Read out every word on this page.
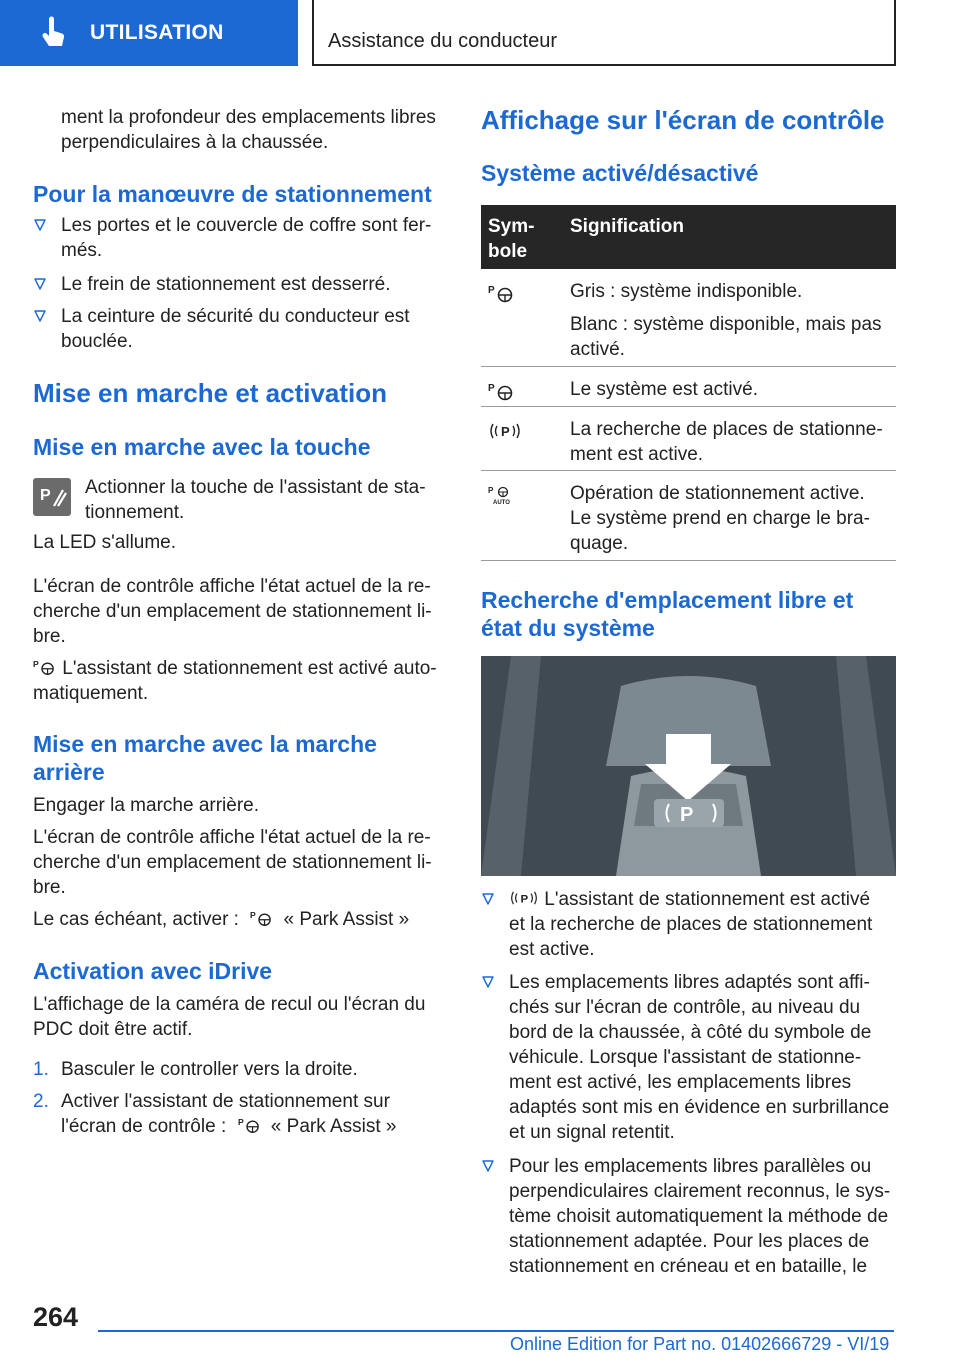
UTILISATION	Assistance du conducteur
ment la profondeur des emplacements libres
perpendiculaires à la chaussée.
Pour la manœuvre de stationnement
Les portes et le couvercle de coffre sont fer-
més.
Le frein de stationnement est desserré.
La ceinture de sécurité du conducteur est
bouclée.
Mise en marche et activation
Mise en marche avec la touche
P Actionner la touche de l'assistant de sta-
tionnement.
La LED s'allume.
L'écran de contrôle affiche l'état actuel de la re-
cherche d'un emplacement de stationnement li-
bre.
L'assistant de stationnement est activé auto-
matiquement.
Mise en marche avec la marche
arrière
Engager la marche arrière.
L'écran de contrôle affiche l'état actuel de la re-
cherche d'un emplacement de stationnement li-
bre.
Le cas échéant, activer : « Park Assist »
Activation avec iDrive
L'affichage de la caméra de recul ou l'écran du
PDC doit être actif.
1. Basculer le controller vers la droite.
2. Activer l'assistant de stationnement sur
l'écran de contrôle : « Park Assist »
Affichage sur l'écran de contrôle
Système activé/désactivé
Sym-
bole
Signification

Gris : système indisponible.

Blanc : système disponible, mais pas
activé.

Le système est activé.

La recherche de places de stationne-
ment est active.

Opération de stationnement active.
Le système prend en charge le bra-
quage.

Recherche d'emplacement libre et
état du système
P
L'assistant de stationnement est activé
et la recherche de places de stationnement
est active.
Les emplacements libres adaptés sont affi-
chés sur l'écran de contrôle, au niveau du
bord de la chaussée, à côté du symbole de
véhicule. Lorsque l'assistant de stationne-
ment est activé, les emplacements libres
adaptés sont mis en évidence en surbrillance
et un signal retentit.
Pour les emplacements libres parallèles ou
perpendiculaires clairement reconnus, le sys-
tème choisit automatiquement la méthode de
stationnement adaptée. Pour les places de
stationnement en créneau et en bataille, le
264
Online Edition for Part no. 01402666729 - VI/19
